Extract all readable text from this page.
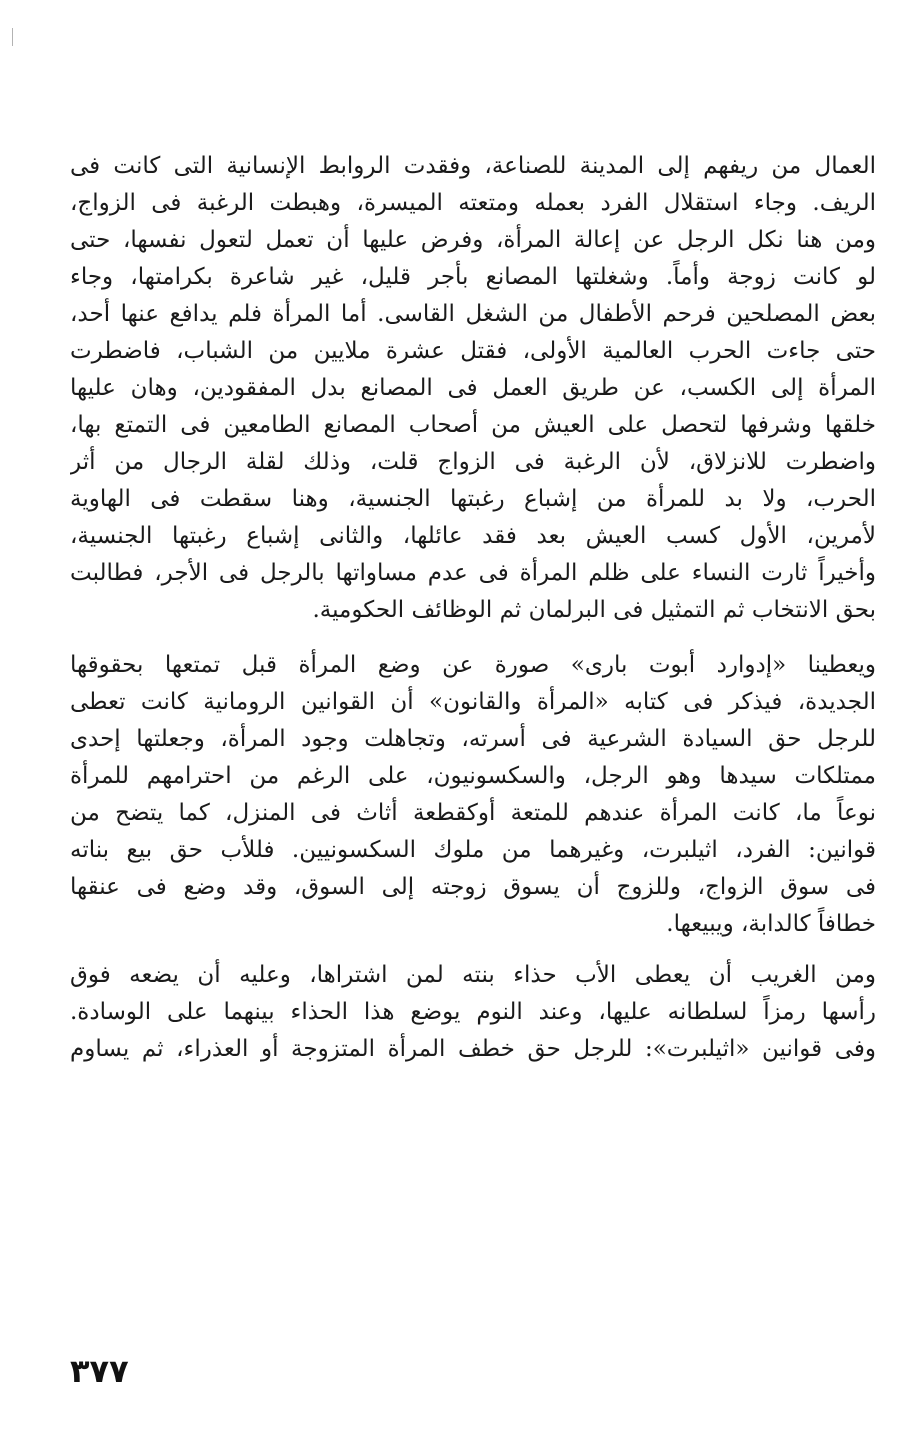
العمال من ريفهم إلى المدينة للصناعة، وفقدت الروابط الإنسانية التى كانت فى
الريف. وجاء استقلال الفرد بعمله ومتعته الميسرة، وهبطت الرغبة فى الزواج،
ومن هنا نكل الرجل عن إعالة المرأة، وفرض عليها أن تعمل لتعول نفسها، حتى
لو كانت زوجة وأماً. وشغلتها المصانع بأجر قليل، غير شاعرة بكرامتها، وجاء
بعض المصلحين فرحم الأطفال من الشغل القاسى. أما المرأة فلم يدافع عنها أحد،
حتى جاءت الحرب العالمية الأولى، فقتل عشرة ملايين من الشباب، فاضطرت
المرأة إلى الكسب، عن طريق العمل فى المصانع بدل المفقودين، وهان عليها
خلقها وشرفها لتحصل على العيش من أصحاب المصانع الطامعين فى التمتع بها،
واضطرت للانزلاق، لأن الرغبة فى الزواج قلت، وذلك لقلة الرجال من أثر
الحرب، ولا بد للمرأة من إشباع رغبتها الجنسية، وهنا سقطت فى الهاوية
لأمرين، الأول كسب العيش بعد فقد عائلها، والثانى إشباع رغبتها الجنسية،
وأخيراً ثارت النساء على ظلم المرأة فى عدم مساواتها بالرجل فى الأجر، فطالبت
بحق الانتخاب ثم التمثيل فى البرلمان ثم الوظائف الحكومية.

ويعطينا «إدوارد أبوت بارى» صورة عن وضع المرأة قبل تمتعها بحقوقها
الجديدة، فيذكر فى كتابه «المرأة والقانون» أن القوانين الرومانية كانت تعطى
للرجل حق السيادة الشرعية فى أسرته، وتجاهلت وجود المرأة، وجعلتها إحدى
ممتلكات سيدها وهو الرجل، والسكسونيون، على الرغم من احترامهم للمرأة
نوعاً ما، كانت المرأة عندهم للمتعة أوكقطعة أثاث فى المنزل، كما يتضح من
قوانين: الفرد، اثيلبرت، وغيرهما من ملوك السكسونيين. فللأب حق بيع بناته
فى سوق الزواج، وللزوج أن يسوق زوجته إلى السوق، وقد وضع فى عنقها
خطافاً كالدابة، ويبيعها.

ومن الغريب أن يعطى الأب حذاء بنته لمن اشتراها، وعليه أن يضعه فوق
رأسها رمزاً لسلطانه عليها، وعند النوم يوضع هذا الحذاء بينهما على الوسادة.
وفى قوانين «اثيلبرت»: للرجل حق خطف المرأة المتزوجة أو العذراء، ثم يساوم

٣٧٧
